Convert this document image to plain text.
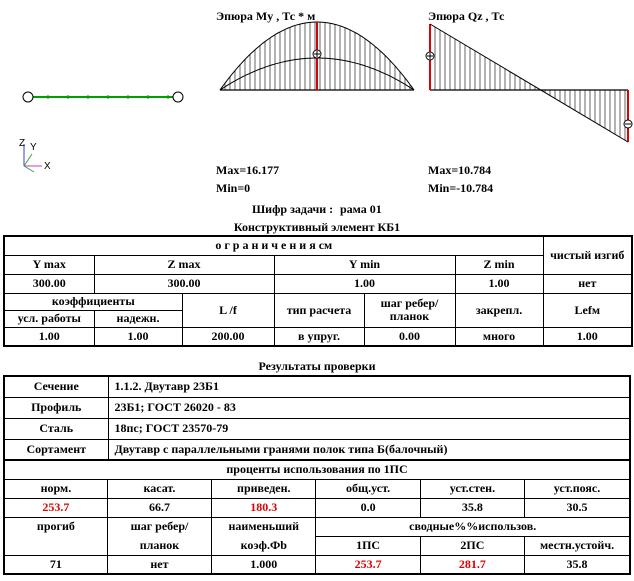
Эпюра My , Тс * м	Эпюра Qz , Тс
Z Y
X	Max=16.177
Min=0
Max=10.784
Min=-10.784
Шифр задачи : рама 01
Конструктивный элемент КБ1
о г р а н и ч е н и я см						чистый изгиб
Y max	Z max		Y min		Z min	
300.00	300.00		1.00		1.00	нет
коэффициенты		L /f	тип расчета	шаг ребер/ планок	закрепл.	Lefм
усл. работы	надежн.					
1.00	1.00	200.00	в упруг.	0.00	много	1.00
Результаты проверки
Сечение	1.1.2. Двутавр 23Б1
Профиль	23Б1; ГОСТ 26020 - 83
Сталь	18пс; ГОСТ 23570-79
Сортамент	Двутавр с параллельными гранями полок типа Б(балочный)
проценты использования по 1ПС					
норм.	касат.	приведен.	общ.уст.	уст.стен.	уст.пояс.
253.7	66.7	180.3	0.0	35.8	30.5
прогиб	шаг ребер/	наименьший	сводные%%использов.		
	планок	коэф.Фb	1ПС	2ПС	местн.устойч.
71	нет	1.000	253.7	281.7	35.8
